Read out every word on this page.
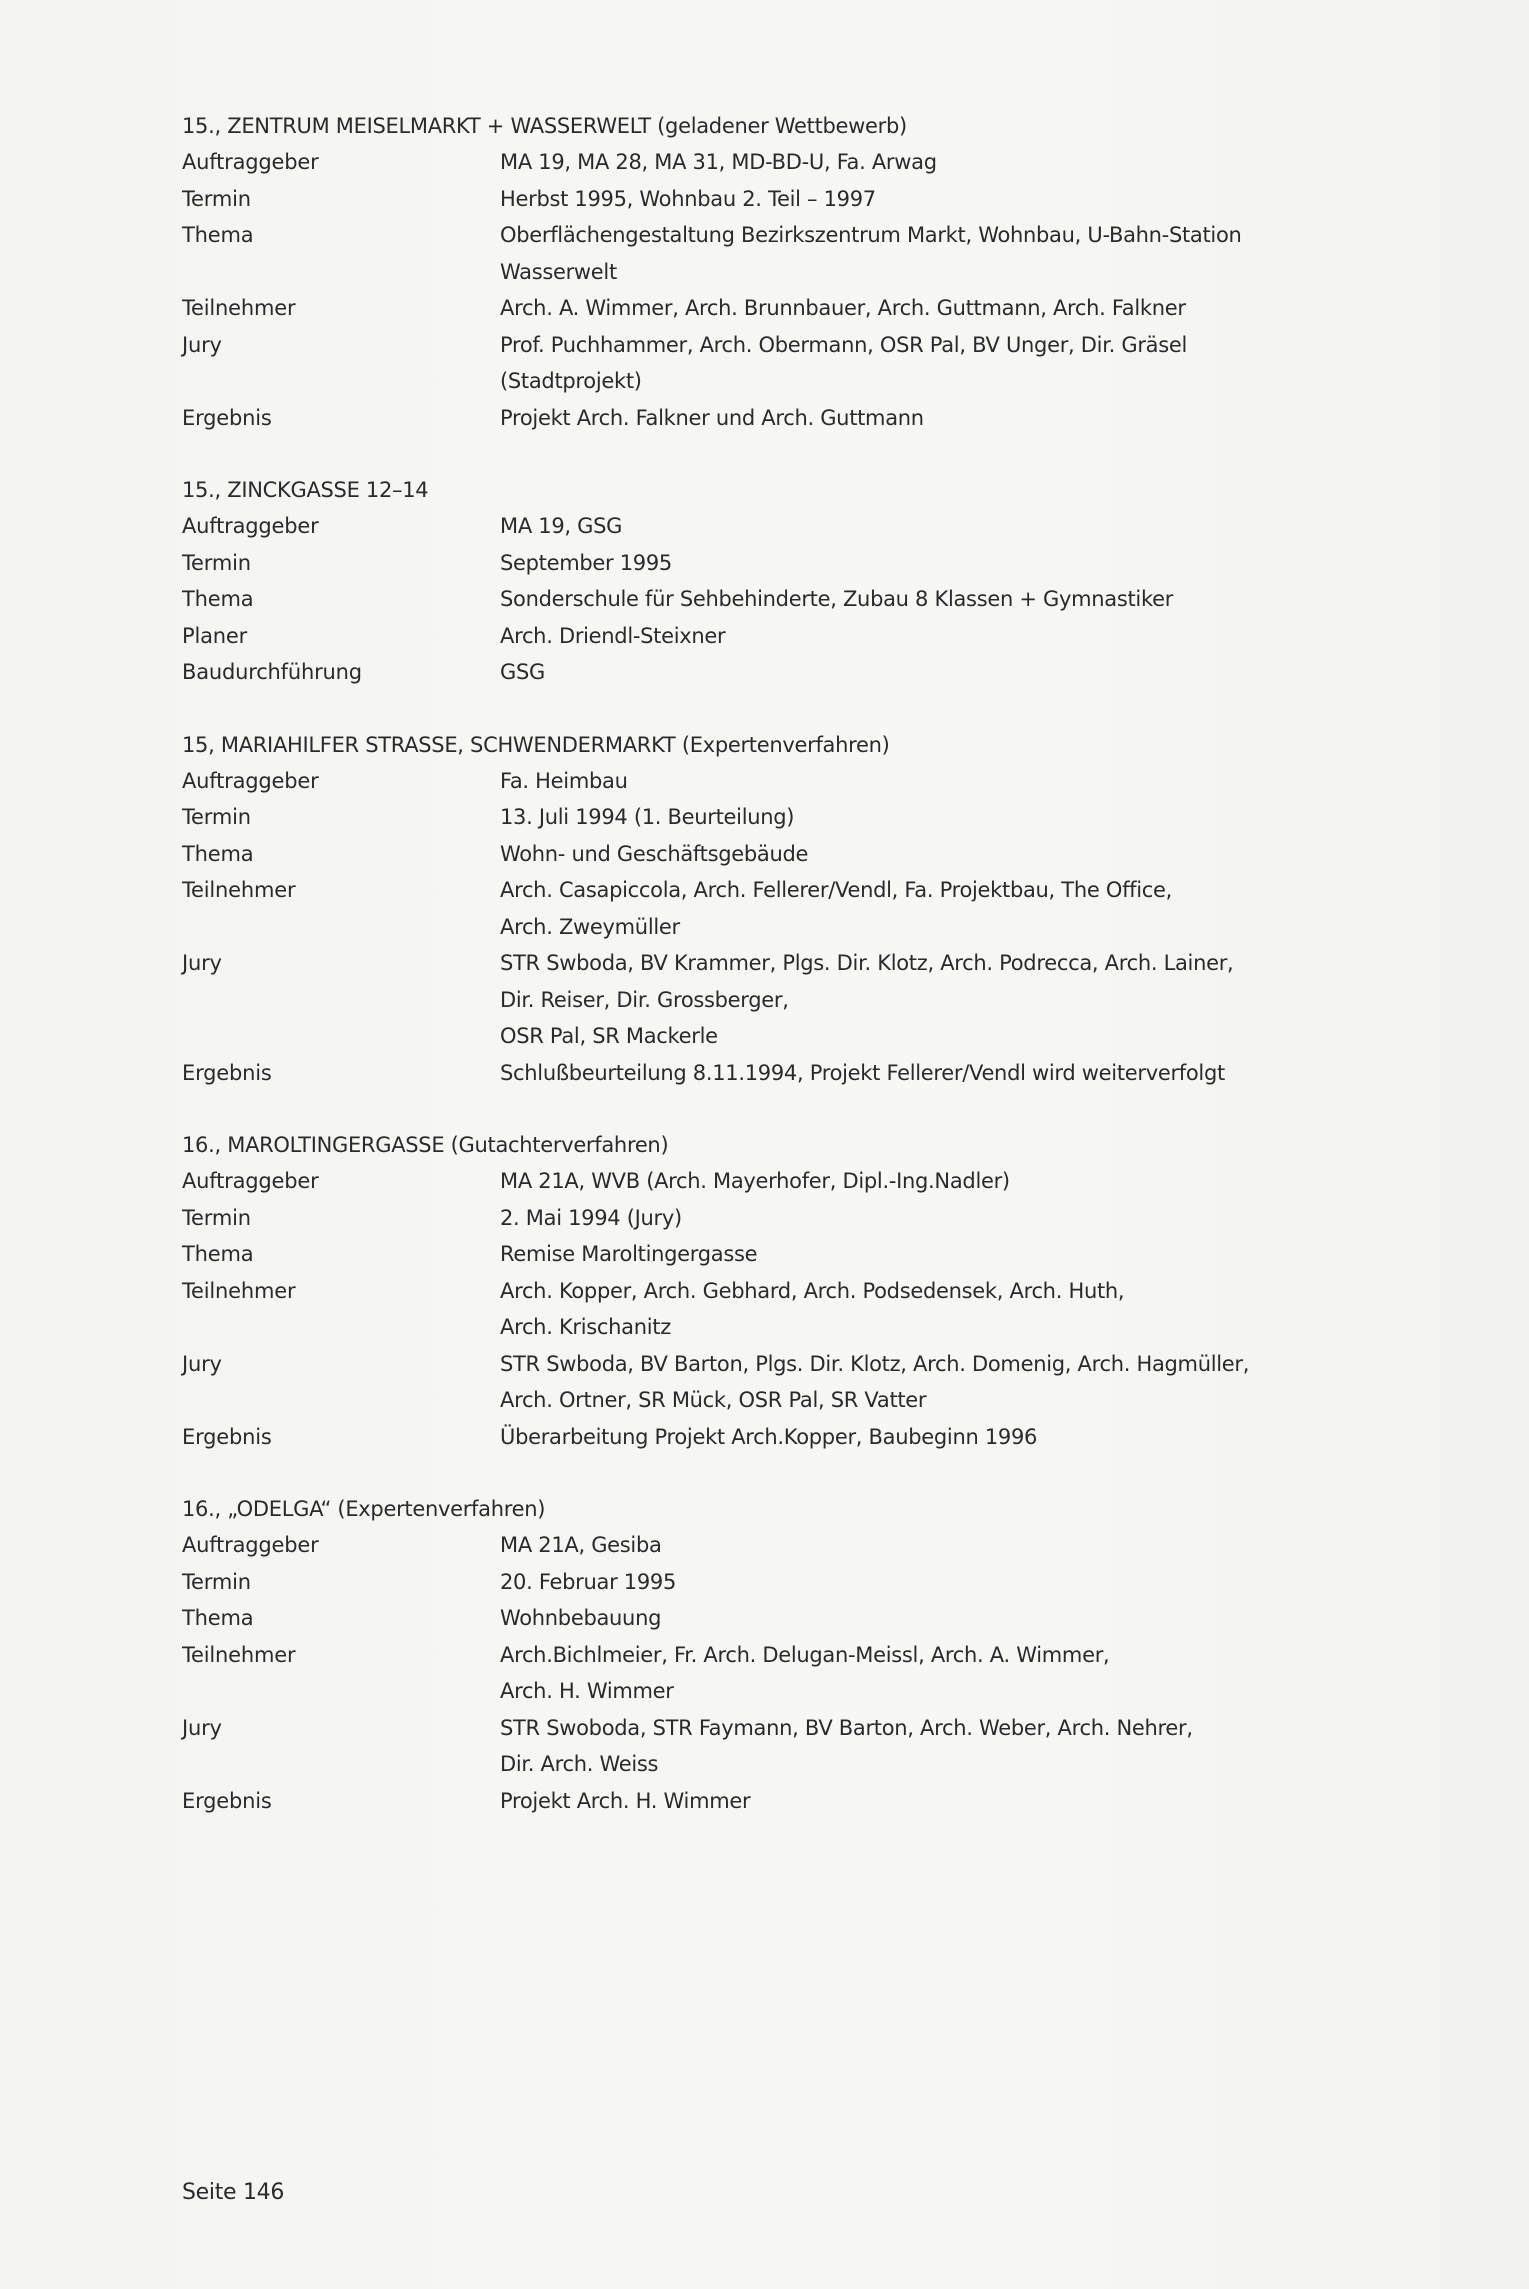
15., ZENTRUM MEISELMARKT + WASSERWELT (geladener Wettbewerb)
Auftraggeber	MA 19, MA 28, MA 31, MD-BD-U, Fa. Arwag
Termin	Herbst 1995, Wohnbau 2. Teil – 1997
Thema	Oberflächengestaltung Bezirkszentrum Markt, Wohnbau, U-Bahn-Station
Wasserwelt
Teilnehmer	Arch. A. Wimmer, Arch. Brunnbauer, Arch. Guttmann, Arch. Falkner
Jury	Prof. Puchhammer, Arch. Obermann, OSR Pal, BV Unger, Dir. Gräsel
(Stadtprojekt)
Ergebnis	Projekt Arch. Falkner und Arch. Guttmann
15., ZINCKGASSE 12–14
Auftraggeber	MA 19, GSG
Termin	September 1995
Thema	Sonderschule für Sehbehinderte, Zubau 8 Klassen + Gymnastiker
Planer	Arch. Driendl-Steixner
Baudurchführung	GSG
15, MARIAHILFER STRASSE, SCHWENDERMARKT (Expertenverfahren)
Auftraggeber	Fa. Heimbau
Termin	13. Juli 1994 (1. Beurteilung)
Thema	Wohn- und Geschäftsgebäude
Teilnehmer	Arch. Casapiccola, Arch. Fellerer/Vendl, Fa. Projektbau, The Office,
Arch. Zweymüller
Jury	STR Swboda, BV Krammer, Plgs. Dir. Klotz, Arch. Podrecca, Arch. Lainer,
Dir. Reiser, Dir. Grossberger,
OSR Pal, SR Mackerle
Ergebnis	Schlußbeurteilung 8.11.1994, Projekt Fellerer/Vendl wird weiterverfolgt
16., MAROLTINGERGASSE (Gutachterverfahren)
Auftraggeber	MA 21A, WVB (Arch. Mayerhofer, Dipl.-Ing.Nadler)
Termin	2. Mai 1994 (Jury)
Thema	Remise Maroltingergasse
Teilnehmer	Arch. Kopper, Arch. Gebhard, Arch. Podsedensek, Arch. Huth,
Arch. Krischanitz
Jury	STR Swboda, BV Barton, Plgs. Dir. Klotz, Arch. Domenig, Arch. Hagmüller,
Arch. Ortner, SR Mück, OSR Pal, SR Vatter
Ergebnis	Überarbeitung Projekt Arch.Kopper, Baubeginn 1996
16., „ODELGA“ (Expertenverfahren)
Auftraggeber	MA 21A, Gesiba
Termin	20. Februar 1995
Thema	Wohnbebauung
Teilnehmer	Arch.Bichlmeier, Fr. Arch. Delugan-Meissl, Arch. A. Wimmer,
Arch. H. Wimmer
Jury	STR Swoboda, STR Faymann, BV Barton, Arch. Weber, Arch. Nehrer,
Dir. Arch. Weiss
Ergebnis	Projekt Arch. H. Wimmer
Seite 146
